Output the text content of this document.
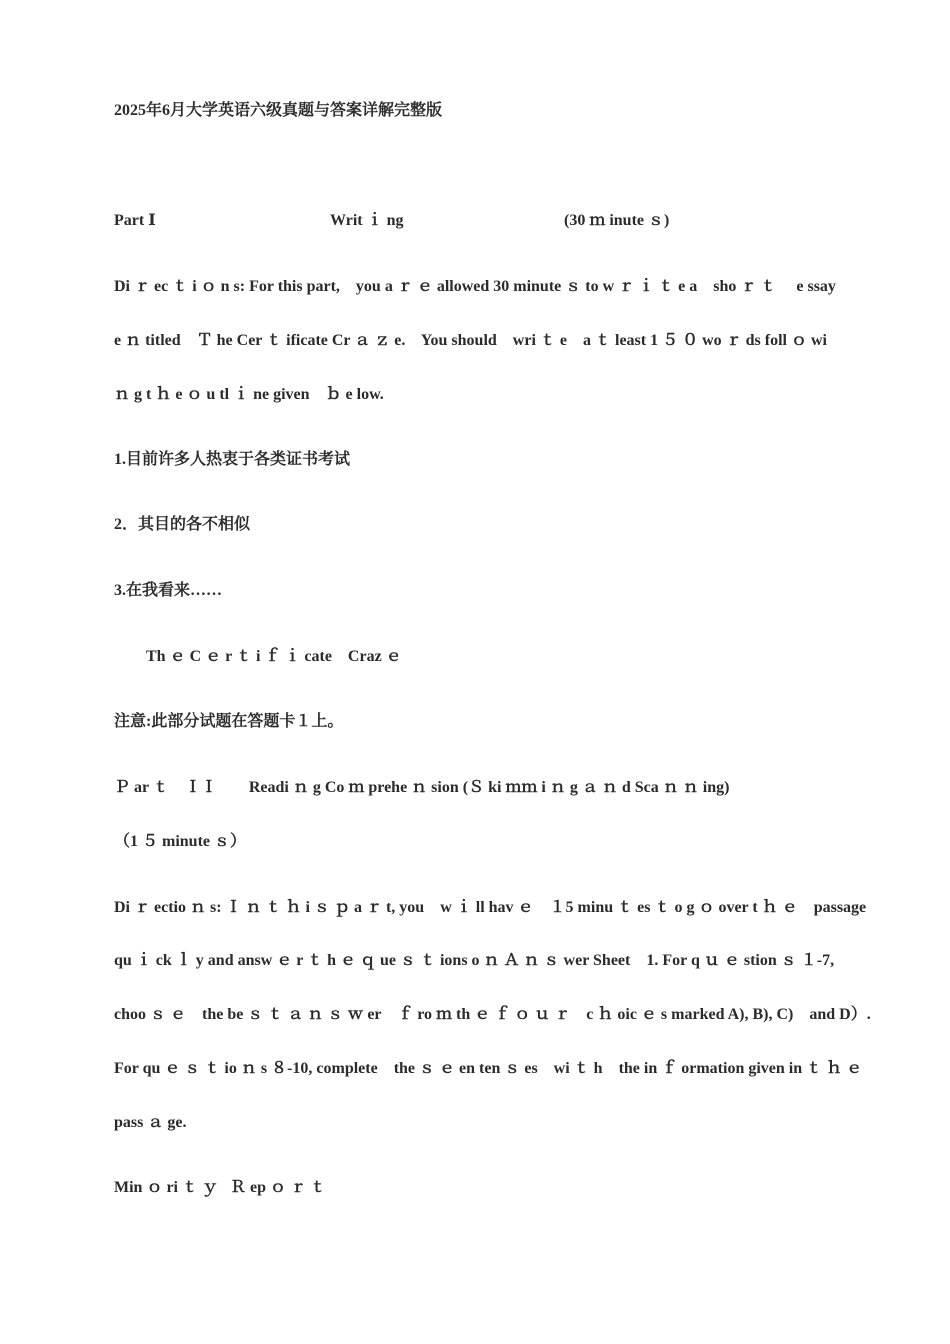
2025年6月大学英语六级真题与答案详解完整版

Part Ⅰ

	Writ ｉ ng

	(30 ｍ inute ｓ)

Di ｒ ec ｔ i ｏ n s: For this part,    you a ｒ ｅ allowed 30 minute ｓ to w ｒ ｉ ｔ e a    sho ｒ ｔ     e ssay
e ｎ titled    Ｔ he Cer ｔ ificate Cr ａ ｚ e.    You should    wri ｔ e    a ｔ least 1 ５ ０ wo ｒ ds foll ｏ wi
ｎ g t ｈ e ｏ u tl ｉ ne given    ｂ e low.
1.目前许多人热衷于各类证书考试
2．其目的各不相似
3.在我看来……
Th ｅ C ｅ r ｔ i ｆ ｉ cate    Craz ｅ
注意:此部分试题在答题卡１上。
Ｐ ar ｔ    ＩＩ        Readi ｎ g Co ｍ prehe ｎ sion (Ｓ ki ｍｍ i ｎ g ａ ｎ d Sca ｎ ｎ ing)
（1 ５ minute ｓ）
Di ｒ ectio ｎ s: Ｉ ｎ ｔ ｈ i ｓ ｐ a ｒ t, you    w ｉ ll hav ｅ    １5 minu ｔ es ｔ o g ｏ over t ｈ ｅ    passage
qu ｉ ck ｌ y and answ ｅ r ｔ h ｅ ｑ ue ｓ ｔ ions o ｎ Ａ ｎ ｓ wer Sheet    1. For q ｕ ｅ stion ｓ １-7,
choo ｓ ｅ    the be ｓ ｔ ａ ｎ ｓ ｗ er    ｆ ro ｍ th ｅ ｆ ｏ ｕ ｒ    c ｈ oic ｅ s marked A), B), C)    and D）.
For qu ｅ ｓ ｔ io ｎ s ８-10, complete    the ｓ ｅ en ten ｓ es    wi ｔ h    the in ｆ ormation given in ｔ ｈ ｅ
pass ａ ge.
Min ｏ ri ｔ ｙ   Ｒ ep ｏ ｒ ｔ
